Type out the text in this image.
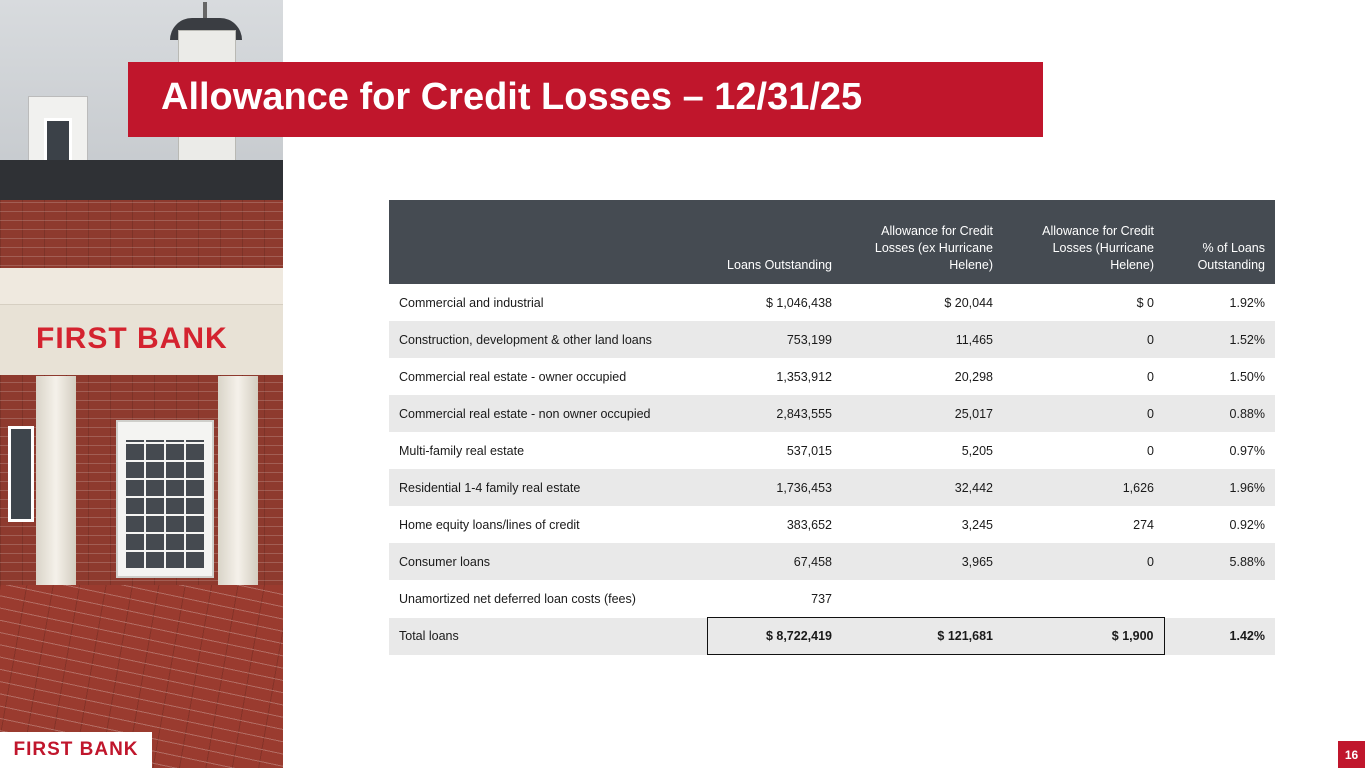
FIRST BANK
FIRST BANK
Allowance for Credit Losses – 12/31/25
	Loans Outstanding	Allowance for Credit Losses (ex Hurricane Helene)	Allowance for Credit Losses (Hurricane Helene)	% of Loans Outstanding
Commercial and industrial	$ 1,046,438	$ 20,044	$ 0	1.92%
Construction, development & other land loans	753,199	11,465	0	1.52%
Commercial real estate - owner occupied	1,353,912	20,298	0	1.50%
Commercial real estate - non owner occupied	2,843,555	25,017	0	0.88%
Multi-family real estate	537,015	5,205	0	0.97%
Residential 1-4 family real estate	1,736,453	32,442	1,626	1.96%
Home equity loans/lines of credit	383,652	3,245	274	0.92%
Consumer loans	67,458	3,965	0	5.88%
Unamortized net deferred loan costs (fees)	737			
Total loans	$ 8,722,419	$ 121,681	$ 1,900	1.42%
16
